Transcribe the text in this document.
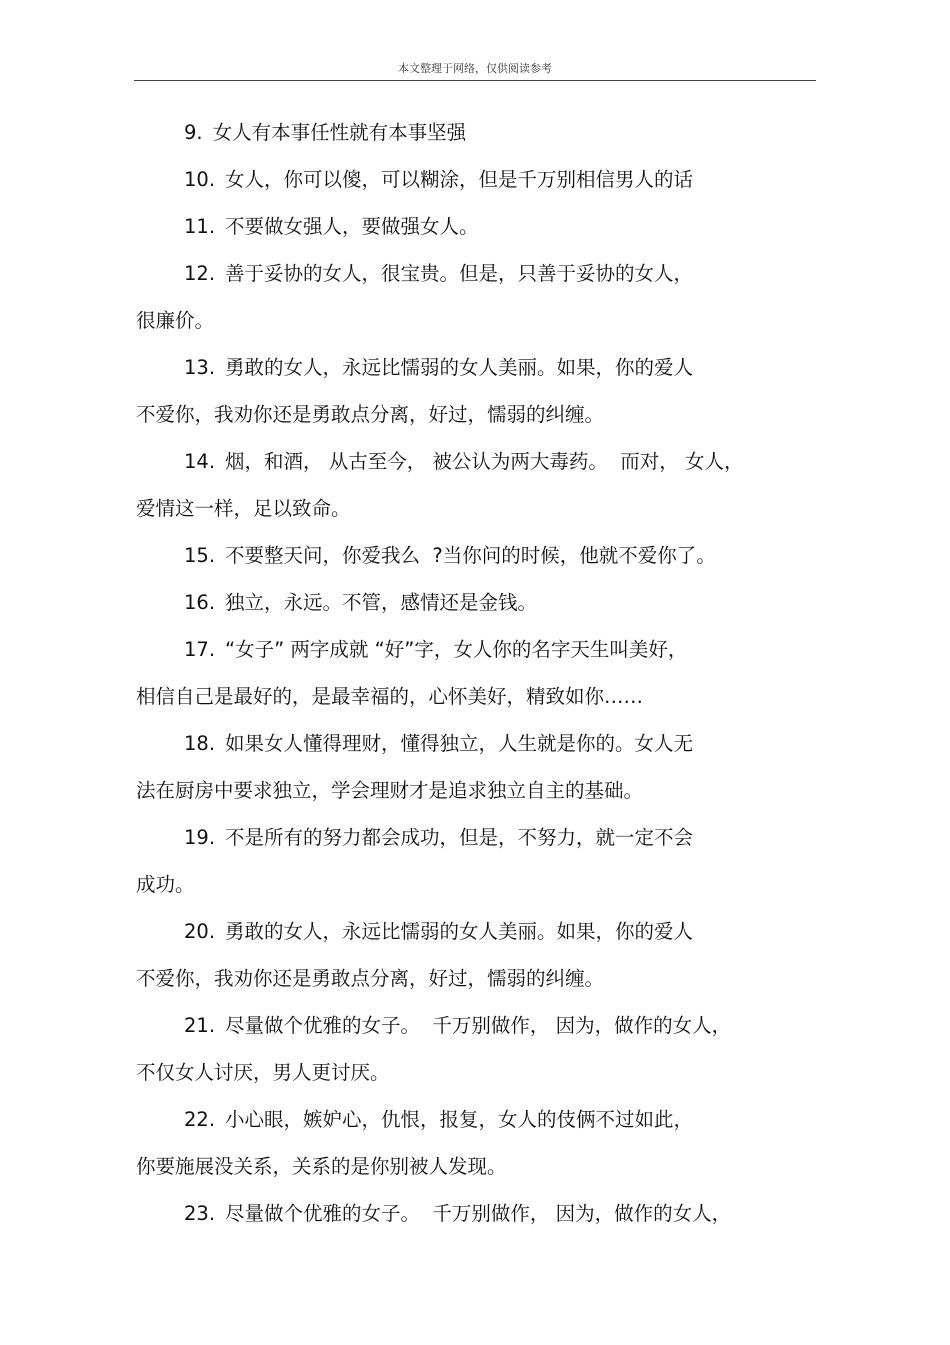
本文整理于网络，仅供阅读参考
9. 女人有本事任性就有本事坚强
10. 女人，你可以傻，可以糊涂，但是千万别相信男人的话
11. 不要做女强人，要做强女人。
12. 善于妥协的女人，很宝贵。但是，只善于妥协的女人，
很廉价。
13. 勇敢的女人，永远比懦弱的女人美丽。如果，你的爱人
不爱你，我劝你还是勇敢点分离，好过，懦弱的纠缠。
14. 烟，和酒， 从古至今， 被公认为两大毒药。  而对， 女人，
爱情这一样，足以致命。
15. 不要整天问，你爱我么  ?当你问的时候，他就不爱你了。
16. 独立，永远。不管，感情还是金钱。
17. “女子” 两字成就 “好”字，女人你的名字天生叫美好，
相信自己是最好的，是最幸福的，心怀美好，精致如你……
18. 如果女人懂得理财，懂得独立，人生就是你的。女人无
法在厨房中要求独立，学会理财才是追求独立自主的基础。
19. 不是所有的努力都会成功，但是，不努力，就一定不会
成功。
20. 勇敢的女人，永远比懦弱的女人美丽。如果，你的爱人
不爱你，我劝你还是勇敢点分离，好过，懦弱的纠缠。
21. 尽量做个优雅的女子。  千万别做作， 因为，做作的女人，
不仅女人讨厌，男人更讨厌。
22. 小心眼，嫉妒心，仇恨，报复，女人的伎俩不过如此，
你要施展没关系，关系的是你别被人发现。
23. 尽量做个优雅的女子。  千万别做作， 因为，做作的女人，
